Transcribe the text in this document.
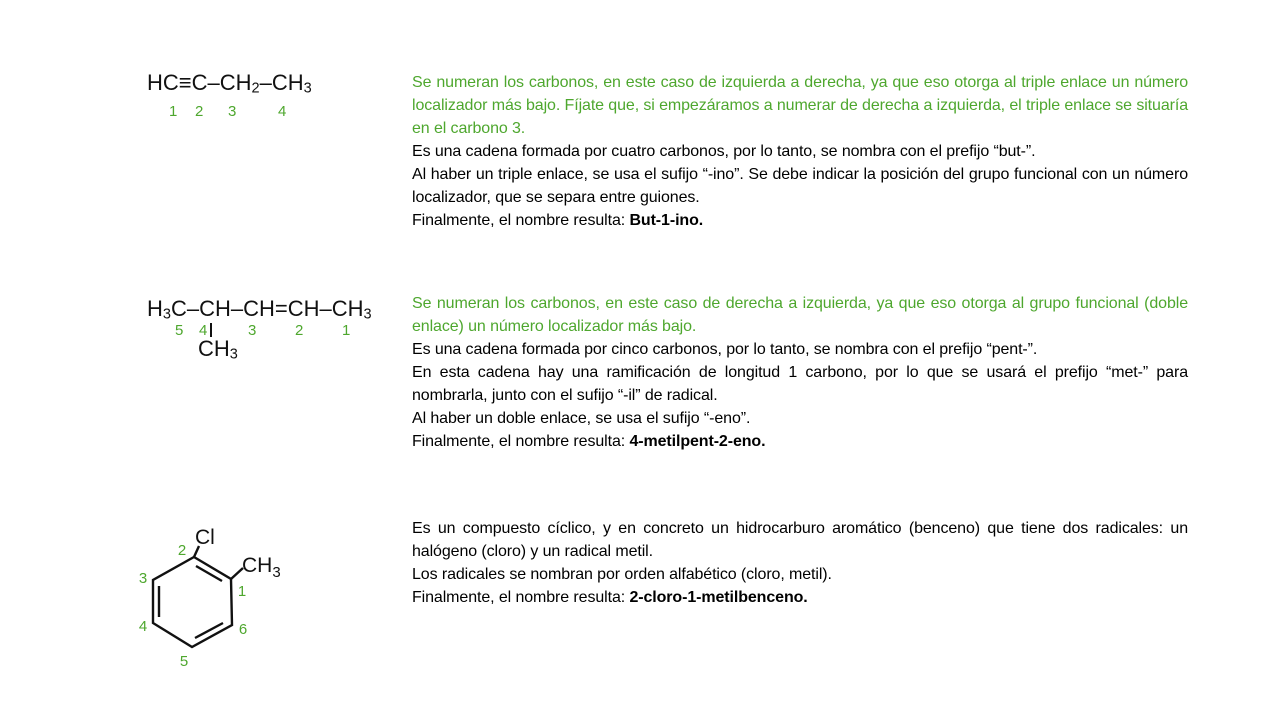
$HC\equiv C-CH_2-CH_3$
1 2 3	4

Se numeran los carbonos, en este caso de izquierda a derecha, ya que eso otorga al triple enlace un número localizador más bajo. Fíjate que, si empezáramos a numerar de derecha a izquierda, el triple enlace se situaría en el carbono 3.

Es una cadena formada por cuatro carbonos, por lo tanto, se nombra con el prefijo “but-”.

Al haber un triple enlace, se usa el sufijo “-ino”. Se debe indicar la posición del grupo funcional con un número localizador, que se separa entre guiones.

Finalmente, el nombre resulta: But-1-ino.

$H_3C-CH-CH=CH-CH_3$
5 4	3	2	1
$CH_3$

Se numeran los carbonos, en este caso de derecha a izquierda, ya que eso otorga al grupo funcional (doble enlace) un número localizador más bajo.

Es una cadena formada por cinco carbonos, por lo tanto, se nombra con el prefijo “pent-”.

En esta cadena hay una ramificación de longitud 1 carbono, por lo que se usará el prefijo “met-” para nombrarla, junto con el sufijo “-il” de radical.

Al haber un doble enlace, se usa el sufijo “-eno”.

Finalmente, el nombre resulta: 4-metilpent-2-eno.

Cl
$CH_3$
1
2
3
4
5
6

Es un compuesto cíclico, y en concreto un hidrocarburo aromático (benceno) que tiene dos radicales: un halógeno (cloro) y un radical metil.

Los radicales se nombran por orden alfabético (cloro, metil).

Finalmente, el nombre resulta: 2-cloro-1-metilbenceno.
